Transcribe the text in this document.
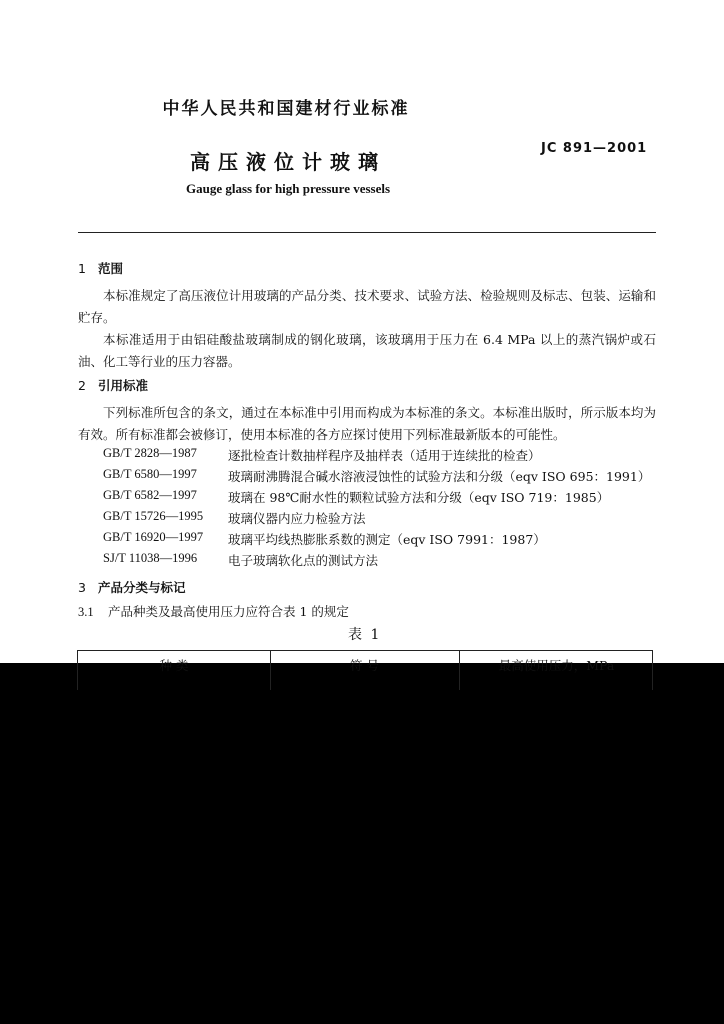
中华人民共和国建材行业标准
高压液位计玻璃
JC 891—2001
Gauge glass for high pressure vessels
1 范围
本标准规定了高压液位计用玻璃的产品分类、技术要求、试验方法、检验规则及标志、包装、运输和贮存。
本标准适用于由铝硅酸盐玻璃制成的钢化玻璃，该玻璃用于压力在 6.4 MPa 以上的蒸汽锅炉或石油、化工等行业的压力容器。
2 引用标准
下列标准所包含的条文，通过在本标准中引用而构成为本标准的条文。本标准出版时，所示版本均为有效。所有标准都会被修订，使用本标准的各方应探讨使用下列标准最新版本的可能性。
GB/T 2828—1987 逐批检查计数抽样程序及抽样表（适用于连续批的检查）
GB/T 6580—1997 玻璃耐沸腾混合碱水溶液浸蚀性的试验方法和分级（eqv ISO 695：1991）
GB/T 6582—1997 玻璃在 98℃耐水性的颗粒试验方法和分级（eqv ISO 719：1985）
GB/T 15726—1995 玻璃仪器内应力检验方法
GB/T 16920—1997 玻璃平均线热膨胀系数的测定（eqv ISO 7991：1987）
SJ/T 11038—1996 电子玻璃软化点的测试方法
3 产品分类与标记
3.1 产品种类及最高使用压力应符合表 1 的规定
表 1
种 类	符 号	最高使用压力，MPa
